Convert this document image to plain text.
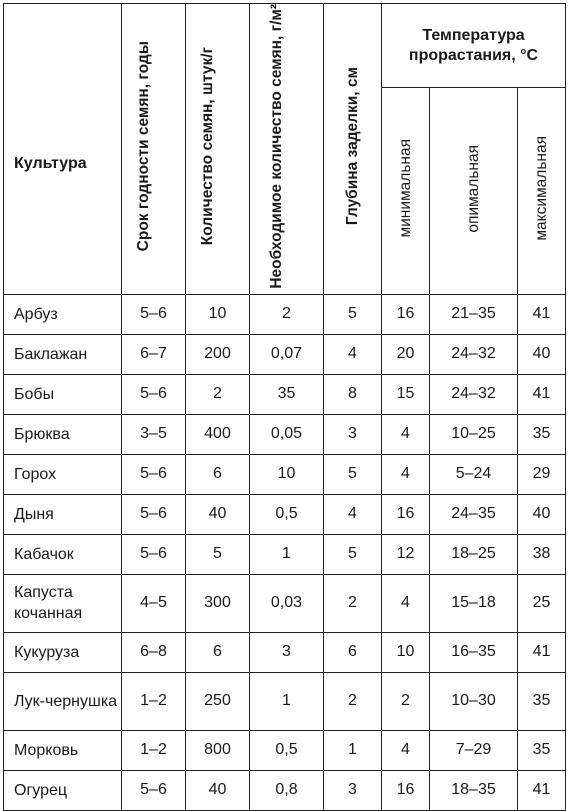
Культура	Срок годности семян, годы	Количество семян, штук/г	Необходимое количество семян, г/м²	Глубина заделки, см	Температура прорастания, °С		
					минимальная	опимальная	максимальная
Арбуз	5–6	10	2	5	16	21–35	41
Баклажан	6–7	200	0,07	4	20	24–32	40
Бобы	5–6	2	35	8	15	24–32	41
Брюква	3–5	400	0,05	3	4	10–25	35
Горох	5–6	6	10	5	4	5–24	29
Дыня	5–6	40	0,5	4	16	24–35	40
Кабачок	5–6	5	1	5	12	18–25	38
Капуста кочанная	4–5	300	0,03	2	4	15–18	25
Кукуруза	6–8	6	3	6	10	16–35	41
Лук-чернушка	1–2	250	1	2	2	10–30	35
Морковь	1–2	800	0,5	1	4	7–29	35
Огурец	5–6	40	0,8	3	16	18–35	41
